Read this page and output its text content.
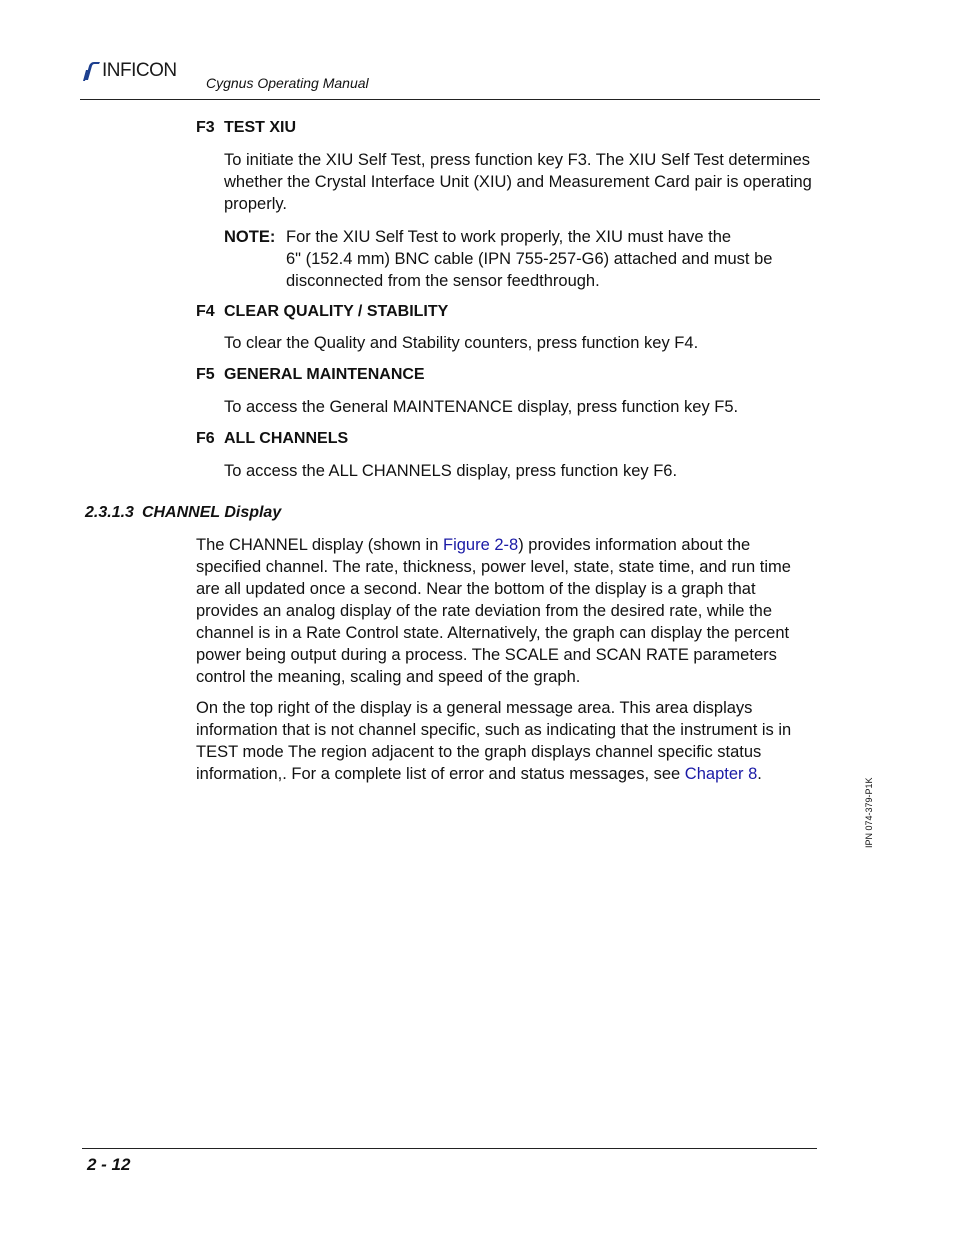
INFICON
Cygnus Operating Manual
F3 TEST XIU

To initiate the XIU Self Test, press function key F3. The XIU Self Test determines whether the Crystal Interface Unit (XIU) and Measurement Card pair is operating properly.

NOTE: For the XIU Self Test to work properly, the XIU must have the
6" (152.4 mm) BNC cable (IPN 755-257-G6) attached and must be disconnected from the sensor feedthrough.
F4 CLEAR QUALITY / STABILITY

To clear the Quality and Stability counters, press function key F4.

F5 GENERAL MAINTENANCE

To access the General MAINTENANCE display, press function key F5.

F6 ALL CHANNELS

To access the ALL CHANNELS display, press function key F6.

2.3.1.3 CHANNEL Display

The CHANNEL display (shown in Figure 2-8) provides information about the specified channel. The rate, thickness, power level, state, state time, and run time are all updated once a second. Near the bottom of the display is a graph that provides an analog display of the rate deviation from the desired rate, while the channel is in a Rate Control state. Alternatively, the graph can display the percent power being output during a process. The SCALE and SCAN RATE parameters control the meaning, scaling and speed of the graph.

On the top right of the display is a general message area. This area displays information that is not channel specific, such as indicating that the instrument is in TEST mode The region adjacent to the graph displays channel specific status information,. For a complete list of error and status messages, see Chapter 8.

IPN 074-379-P1K
2 - 12
